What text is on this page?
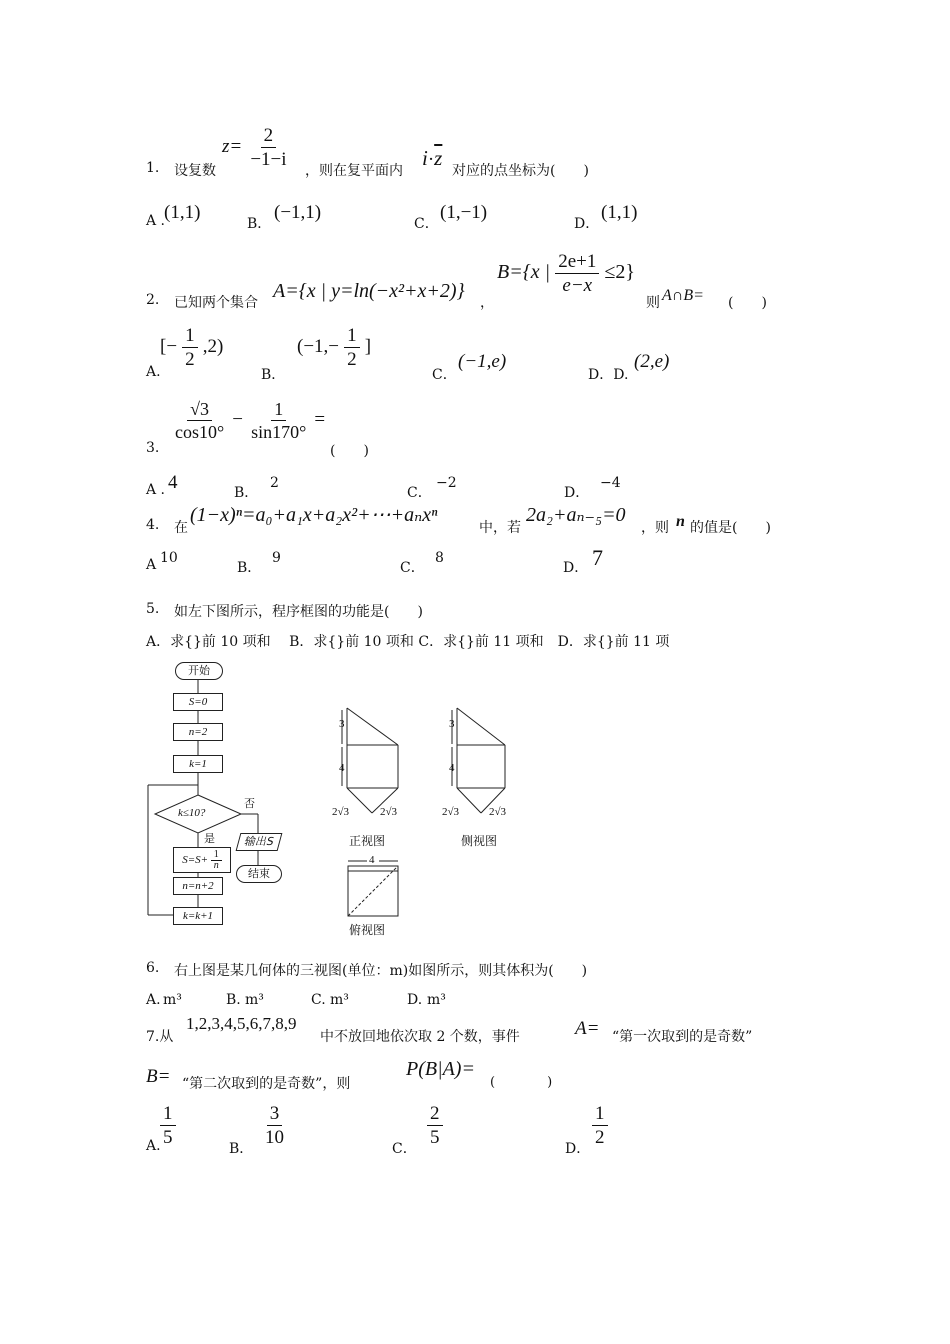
1. 设复数
$z= \frac{2}{-1-i}$
，则在复平面内
$i\cdot\overline{z}$
对应的点坐标为(　　)
A .
(1,1)
B．
(−1,1)
C．
(1,−1)
D．
(1,1)
2. 已知两个集合
A={x | y=ln(−x²+x+2)}
，
B={x | $\frac{2e+1}{e-x} \le 2$}
则 A∩B= (　　)
A.
[− $\frac{1}{2} ,2$)
B．
($-1,- \frac{1}{2}$ ]
C．
(−1,e)
D．D.
(2,e)
3.
$\frac{√3}{\cos 10^\circ} - \frac{1}{\sin 170^\circ}$ =
(　　)
A . 4	B．
2
C．
−2
D．
−4
4. 在
(1−x)ⁿ=a₀+a₁x+a₂x²+⋯+aₙxⁿ
中，若
2a₂+aₙ₋₅=0
，则 n 的值是(　　)
A 10
B．
9
C．
8
D． 7
5. 如左下图所示，程序框图的功能是(　　)
A．求{}前 10 项和　 B．求{}前 10 项和 C．求{}前 11 项和　D．求{}前 11 项
开始
S=0
n=2
k=1
k≤10?
否
是
$S=S+ \frac{1}{n}$
n=n+2
k=k+1
输出S
结束
3
4
2√3	2√3
正视图
3
4
2√3	2√3
侧视图
4
俯视图
6. 右上图是某几何体的三视图(单位：m)如图所示，则其体积为(　　)
A. m³	B. m³	C. m³	D. m³
7.从
1,2,3,4,5,6,7,8,9
中不放回地依次取 2 个数，事件	A= “第一次取到的是奇数”
B= “第二次取到的是奇数”，则
P(B|A)=
(　　　　)
A. $\frac{1}{5}$
B．
$\frac{3}{10}$
C．
$\frac{2}{5}$
D．
$\frac{1}{2}$
